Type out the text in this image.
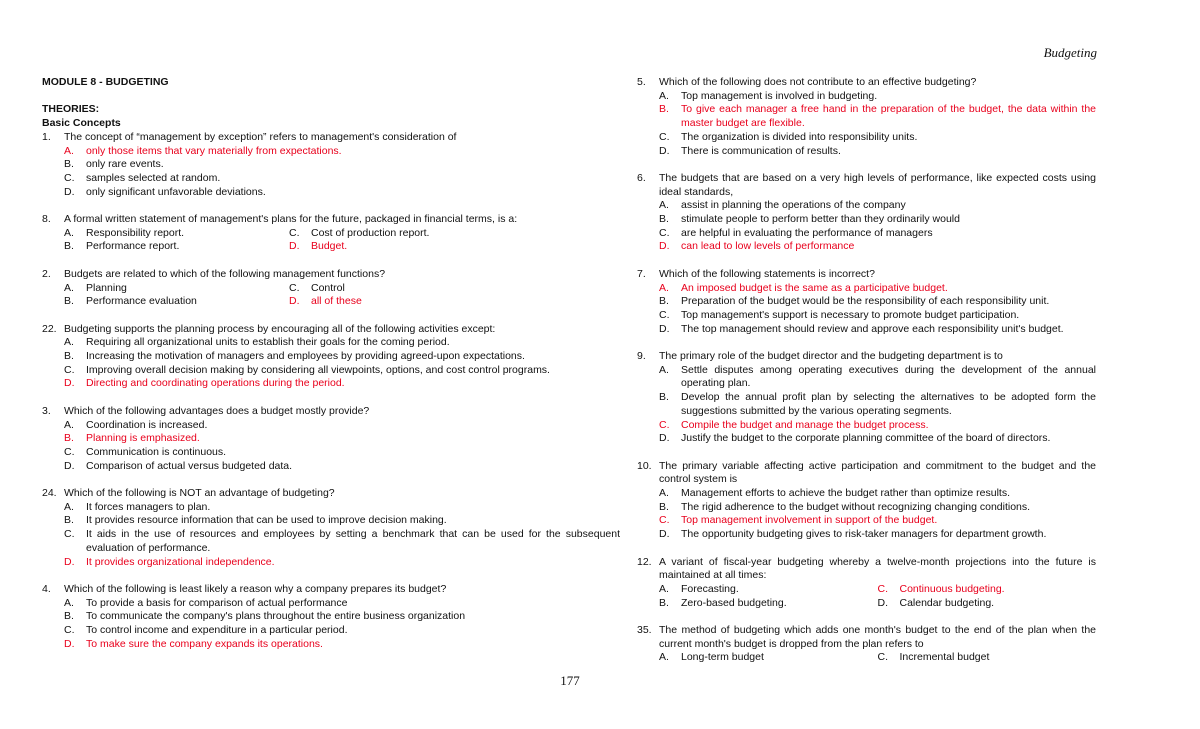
Budgeting
MODULE 8 - BUDGETING
THEORIES:
Basic Concepts
1.	The concept of “management by exception” refers to management's consideration of
A.	only those items that vary materially from expectations.
B.	only rare events.
C.	samples selected at random.
D.	only significant unfavorable deviations.
8.	A formal written statement of management's plans for the future, packaged in financial terms, is a:
A.	Responsibility report.	C.	Cost of production report.
B.	Performance report.	D.	Budget.
2.	Budgets are related to which of the following management functions?
A.	Planning	C.	Control
B.	Performance evaluation	D.	all of these
22. Budgeting supports the planning process by encouraging all of the following activities except:
A.	Requiring all organizational units to establish their goals for the coming period.
B.	Increasing the motivation of managers and employees by providing agreed-upon expectations.
C.	Improving overall decision making by considering all viewpoints, options, and cost control programs.
D.	Directing and coordinating operations during the period.
3.	Which of the following advantages does a budget mostly provide?
A.	Coordination is increased.
B.	Planning is emphasized.
C.	Communication is continuous.
D.	Comparison of actual versus budgeted data.
24. Which of the following is NOT an advantage of budgeting?
A.	It forces managers to plan.
B.	It provides resource information that can be used to improve decision making.
C.	It aids in the use of resources and employees by setting a benchmark that can be used for the subsequent evaluation of performance.
D.	It provides organizational independence.
4.	Which of the following is least likely a reason why a company prepares its budget?
A.	To provide a basis for comparison of actual performance
B.	To communicate the company's plans throughout the entire business organization
C.	To control income and expenditure in a particular period.
D.	To make sure the company expands its operations.
5.	Which of the following does not contribute to an effective budgeting?
A.	Top management is involved in budgeting.
B.	To give each manager a free hand in the preparation of the budget, the data within the master budget are flexible.
C.	The organization is divided into responsibility units.
D.	There is communication of results.
6.	The budgets that are based on a very high levels of performance, like expected costs using ideal standards,
A.	assist in planning the operations of the company
B.	stimulate people to perform better than they ordinarily would
C.	are helpful in evaluating the performance of managers
D.	can lead to low levels of performance
7.	Which of the following statements is incorrect?
A.	An imposed budget is the same as a participative budget.
B.	Preparation of the budget would be the responsibility of each responsibility unit.
C.	Top management's support is necessary to promote budget participation.
D.	The top management should review and approve each responsibility unit's budget.
9.	The primary role of the budget director and the budgeting department is to
A.	Settle disputes among operating executives during the development of the annual operating plan.
B.	Develop the annual profit plan by selecting the alternatives to be adopted form the suggestions submitted by the various operating segments.
C.	Compile the budget and manage the budget process.
D.	Justify the budget to the corporate planning committee of the board of directors.
10. The primary variable affecting active participation and commitment to the budget and the control system is
A.	Management efforts to achieve the budget rather than optimize results.
B.	The rigid adherence to the budget without recognizing changing conditions.
C.	Top management involvement in support of the budget.
D.	The opportunity budgeting gives to risk-taker managers for department growth.
12. A variant of fiscal-year budgeting whereby a twelve-month projections into the future is maintained at all times:
A.	Forecasting.	C.	Continuous budgeting.
B.	Zero-based budgeting.	D.	Calendar budgeting.
35. The method of budgeting which adds one month's budget to the end of the plan when the current month's budget is dropped from the plan refers to
A.	Long-term budget	C.	Incremental budget
177
